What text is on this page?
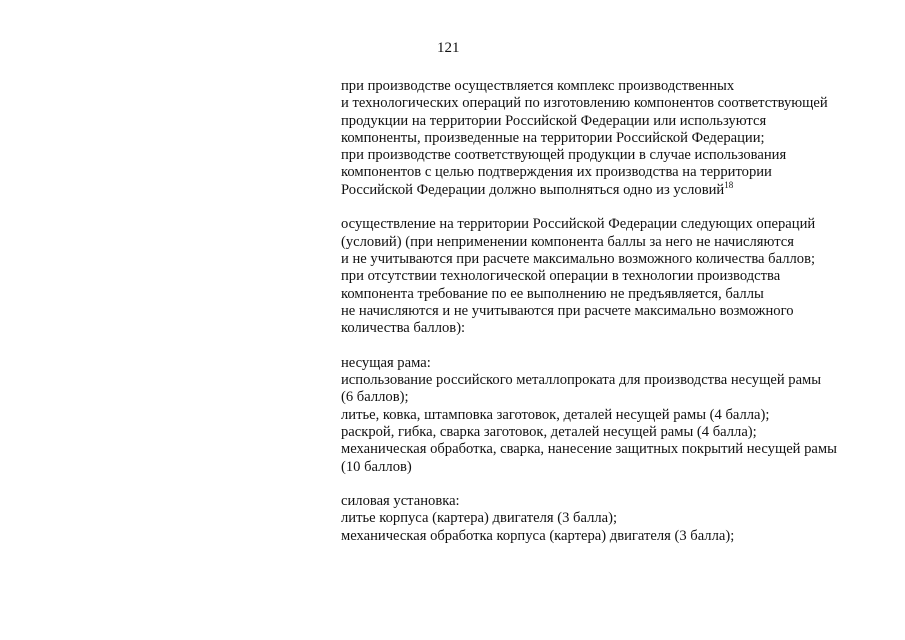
121
при производстве осуществляется комплекс производственных
и технологических операций по изготовлению компонентов соответствующей
продукции на территории Российской Федерации или используются
компоненты, произведенные на территории Российской Федерации;
при производстве соответствующей продукции в случае использования
компонентов с целью подтверждения их производства на территории
Российской Федерации должно выполняться одно из условий$^{18}$
осуществление на территории Российской Федерации следующих операций
(условий) (при неприменении компонента баллы за него не начисляются
и не учитываются при расчете максимально возможного количества баллов;
при отсутствии технологической операции в технологии производства
компонента требование по ее выполнению не предъявляется, баллы
не начисляются и не учитываются при расчете максимально возможного
количества баллов):
несущая рама:
использование российского металлопроката для производства несущей рамы
(6 баллов);
литье, ковка, штамповка заготовок, деталей несущей рамы (4 балла);
раскрой, гибка, сварка заготовок, деталей несущей рамы (4 балла);
механическая обработка, сварка, нанесение защитных покрытий несущей рамы
(10 баллов)
силовая установка:
литье корпуса (картера) двигателя (3 балла);
механическая обработка корпуса (картера) двигателя (3 балла);
